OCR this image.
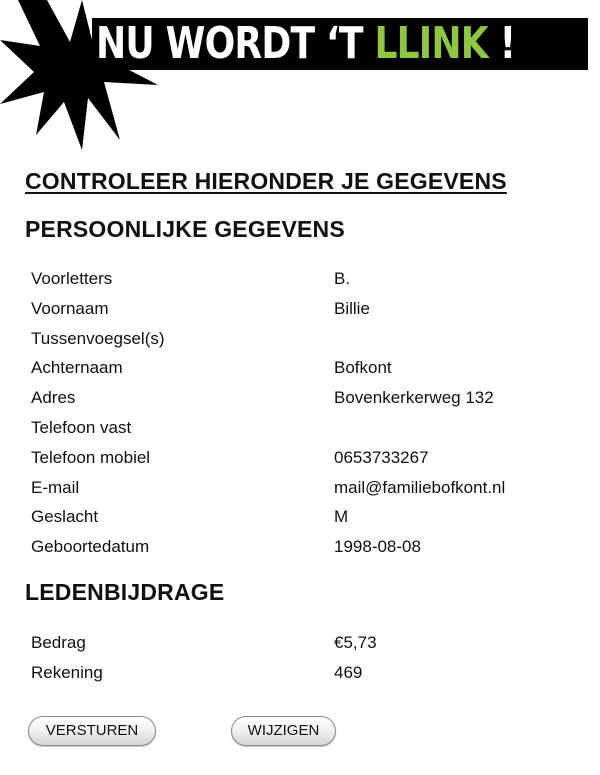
NU WORDT ‘T LLINK !
CONTROLEER HIERONDER JE GEGEVENS
PERSOONLIJKE GEGEVENS
Voorletters	B.
Voornaam	Billie
Tussenvoegsel(s)
Achternaam	Bofkont
Adres	Bovenkerkerweg 132
Telefoon vast
Telefoon mobiel	0653733267
E-mail	mail@familiebofkont.nl
Geslacht	M
Geboortedatum	1998-08-08
LEDENBIJDRAGE
Bedrag	€5,73
Rekening	469
VERSTUREN	WIJZIGEN
